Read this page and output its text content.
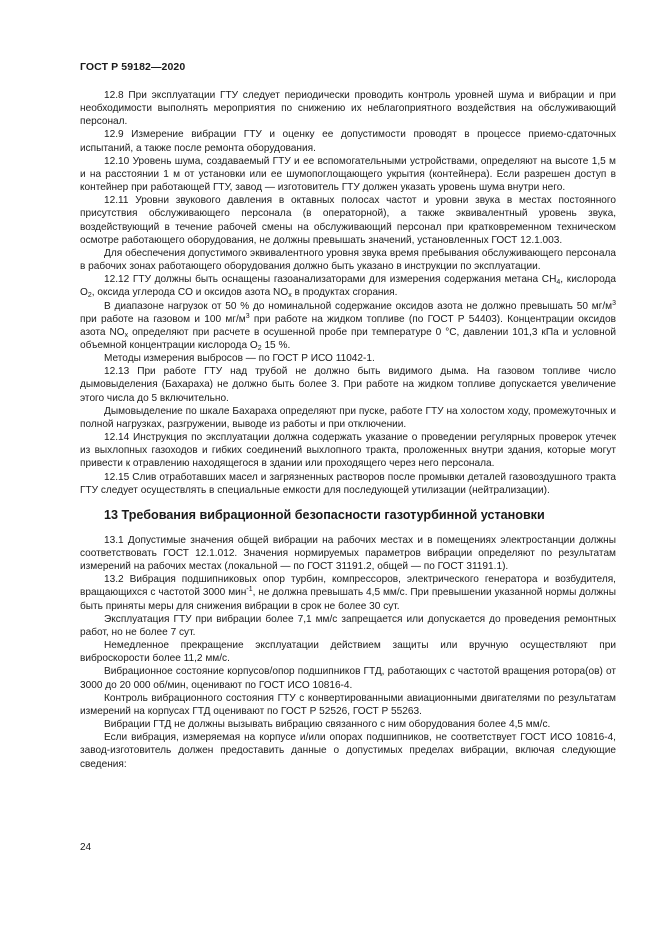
ГОСТ Р 59182—2020

12.8 При эксплуатации ГТУ следует периодически проводить контроль уровней шума и вибрации и при необходимости выполнять мероприятия по снижению их неблагоприятного воздействия на обслуживающий персонал.

12.9 Измерение вибрации ГТУ и оценку ее допустимости проводят в процессе приемо-сдаточных испытаний, а также после ремонта оборудования.

12.10 Уровень шума, создаваемый ГТУ и ее вспомогательными устройствами, определяют на высоте 1,5 м и на расстоянии 1 м от установки или ее шумопоглощающего укрытия (контейнера). Если разрешен доступ в контейнер при работающей ГТУ, завод — изготовитель ГТУ должен указать уровень шума внутри него.

12.11 Уровни звукового давления в октавных полосах частот и уровни звука в местах постоянного присутствия обслуживающего персонала (в операторной), а также эквивалентный уровень звука, воздействующий в течение рабочей смены на обслуживающий персонал при кратковременном техническом осмотре работающего оборудования, не должны превышать значений, установленных ГОСТ 12.1.003.

Для обеспечения допустимого эквивалентного уровня звука время пребывания обслуживающего персонала в рабочих зонах работающего оборудования должно быть указано в инструкции по эксплуатации.

12.12 ГТУ должны быть оснащены газоанализаторами для измерения содержания метана $CH_4$, кислорода $O_2$, оксида углерода CO и оксидов азота $NO_x$ в продуктах сгорания.

В диапазоне нагрузок от 50 % до номинальной содержание оксидов азота не должно превышать 50 $мг/м^3$ при работе на газовом и 100 $мг/м^3$ при работе на жидком топливе (по ГОСТ Р 54403). Концентрации оксидов азота $NO_x$ определяют при расчете в осушенной пробе при температуре 0 °С, давлении 101,3 кПа и условной объемной концентрации кислорода $O_2$ 15 %.

Методы измерения выбросов — по ГОСТ Р ИСО 11042-1.

12.13 При работе ГТУ над трубой не должно быть видимого дыма. На газовом топливе число дымовыделения (Бахараха) не должно быть более 3. При работе на жидком топливе допускается увеличение этого числа до 5 включительно.

Дымовыделение по шкале Бахараха определяют при пуске, работе ГТУ на холостом ходу, промежуточных и полной нагрузках, разгружении, выводе из работы и при отключении.

12.14 Инструкция по эксплуатации должна содержать указание о проведении регулярных проверок утечек из выхлопных газоходов и гибких соединений выхлопного тракта, проложенных внутри здания, которые могут привести к отравлению находящегося в здании или проходящего через него персонала.

12.15 Слив отработавших масел и загрязненных растворов после промывки деталей газовоздушного тракта ГТУ следует осуществлять в специальные емкости для последующей утилизации (нейтрализации).

13 Требования вибрационной безопасности газотурбинной установки

13.1 Допустимые значения общей вибрации на рабочих местах и в помещениях электростанции должны соответствовать ГОСТ 12.1.012. Значения нормируемых параметров вибрации определяют по результатам измерений на рабочих местах (локальной — по ГОСТ 31191.2, общей — по ГОСТ 31191.1).

13.2 Вибрация подшипниковых опор турбин, компрессоров, электрического генератора и возбудителя, вращающихся с частотой 3000 мин$^{-1}$, не должна превышать 4,5 мм/с. При превышении указанной нормы должны быть приняты меры для снижения вибрации в срок не более 30 сут.

Эксплуатация ГТУ при вибрации более 7,1 мм/с запрещается или допускается до проведения ремонтных работ, но не более 7 сут.

Немедленное прекращение эксплуатации действием защиты или вручную осуществляют при виброскорости более 11,2 мм/с.

Вибрационное состояние корпусов/опор подшипников ГТД, работающих с частотой вращения ротора(ов) от 3000 до 20 000 об/мин, оценивают по ГОСТ ИСО 10816-4.

Контроль вибрационного состояния ГТУ с конвертированными авиационными двигателями по результатам измерений на корпусах ГТД оценивают по ГОСТ Р 52526, ГОСТ Р 55263.

Вибрации ГТД не должны вызывать вибрацию связанного с ним оборудования более 4,5 мм/с.

Если вибрация, измеряемая на корпусе и/или опорах подшипников, не соответствует ГОСТ ИСО 10816-4, завод-изготовитель должен предоставить данные о допустимых пределах вибрации, включая следующие сведения:

24
